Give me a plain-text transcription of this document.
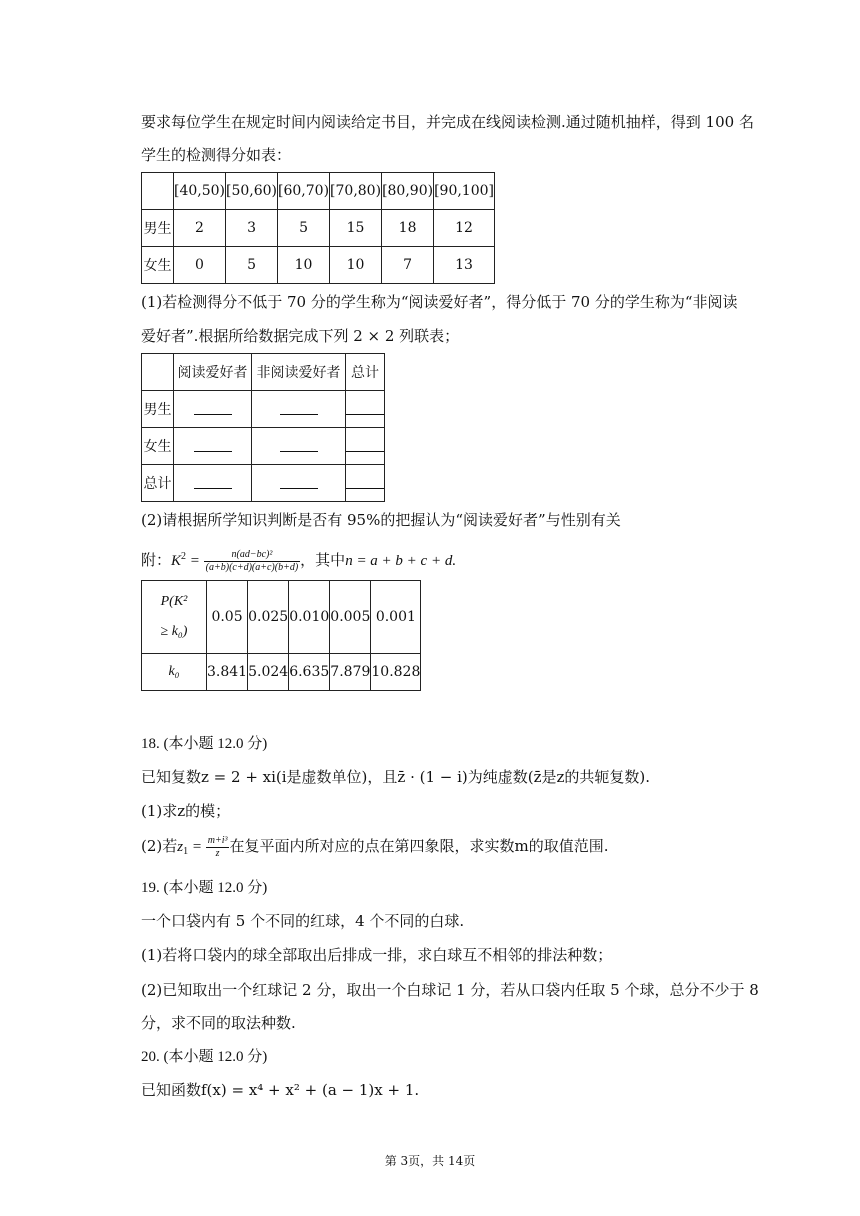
要求每位学生在规定时间内阅读给定书目，并完成在线阅读检测.通过随机抽样，得到 100 名
学生的检测得分如表：
	[40,50)	[50,60)	[60,70)	[70,80)	[80,90)	[90,100]
男生	2	3	5	15	18	12
女生	0	5	10	10	7	13
(1)若检测得分不低于 70 分的学生称为“阅读爱好者”，得分低于 70 分的学生称为“非阅读
爱好者”.根据所给数据完成下列 2 × 2 列联表；
	阅读爱好者	非阅读爱好者	总计
男生			
女生			
总计			
(2)请根据所学知识判断是否有 95%的把握认为“阅读爱好者”与性别有关
附：$K^2 = \frac{\text{n(ad−bc)²}}{(a+b)(c+d)(a+c)(b+d)}$ ，其中n = a + b + c + d.
P(K²
≥ k₀)	0.05	0.025	0.010	0.005	0.001
k₀	3.841	5.024	6.635	7.879	10.828
18. (本小题 12.0 分)
已知复数z = 2 + xi(i是虚数单位)，且z̄ · (1 − i)为纯虚数(z̄是z的共轭复数).
(1)求z的模；
(2)若$z_1 = \frac{\text{m+i³}}{z}$ 在复平面内所对应的点在第四象限，求实数m的取值范围.
19. (本小题 12.0 分)
一个口袋内有 5 个不同的红球，4 个不同的白球.
(1)若将口袋内的球全部取出后排成一排，求白球互不相邻的排法种数；
(2)已知取出一个红球记 2 分，取出一个白球记 1 分，若从口袋内任取 5 个球，总分不少于 8
分，求不同的取法种数.
20. (本小题 12.0 分)
已知函数f(x) = x⁴ + x² + (a − 1)x + 1.
第 3页，共 14页
